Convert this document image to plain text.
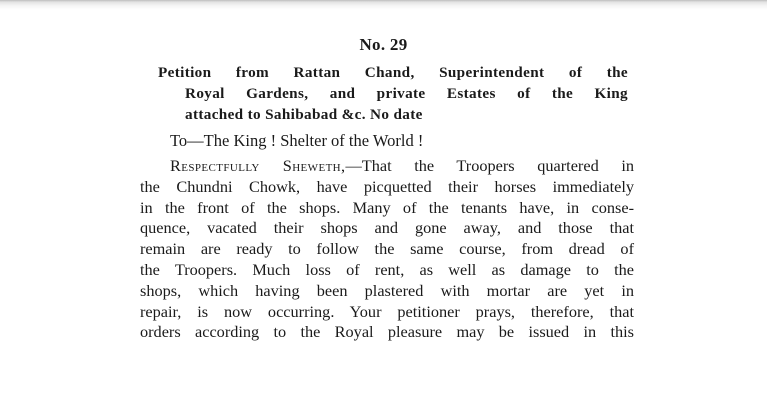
No. 29
Petition from Rattan Chand, Superintendent of the
Royal Gardens, and private Estates of the King
attached to Sahibabad &c. No date
To—The King ! Shelter of the World !
Respectfully Sheweth,—That the Troopers quartered in
the Chundni Chowk, have picquetted their horses immediately
in the front of the shops. Many of the tenants have, in conse-
quence, vacated their shops and gone away, and those that
remain are ready to follow the same course, from dread of
the Troopers. Much loss of rent, as well as damage to the
shops, which having been plastered with mortar are yet in
repair, is now occurring. Your petitioner prays, therefore, that
orders according to the Royal pleasure may be issued in this
